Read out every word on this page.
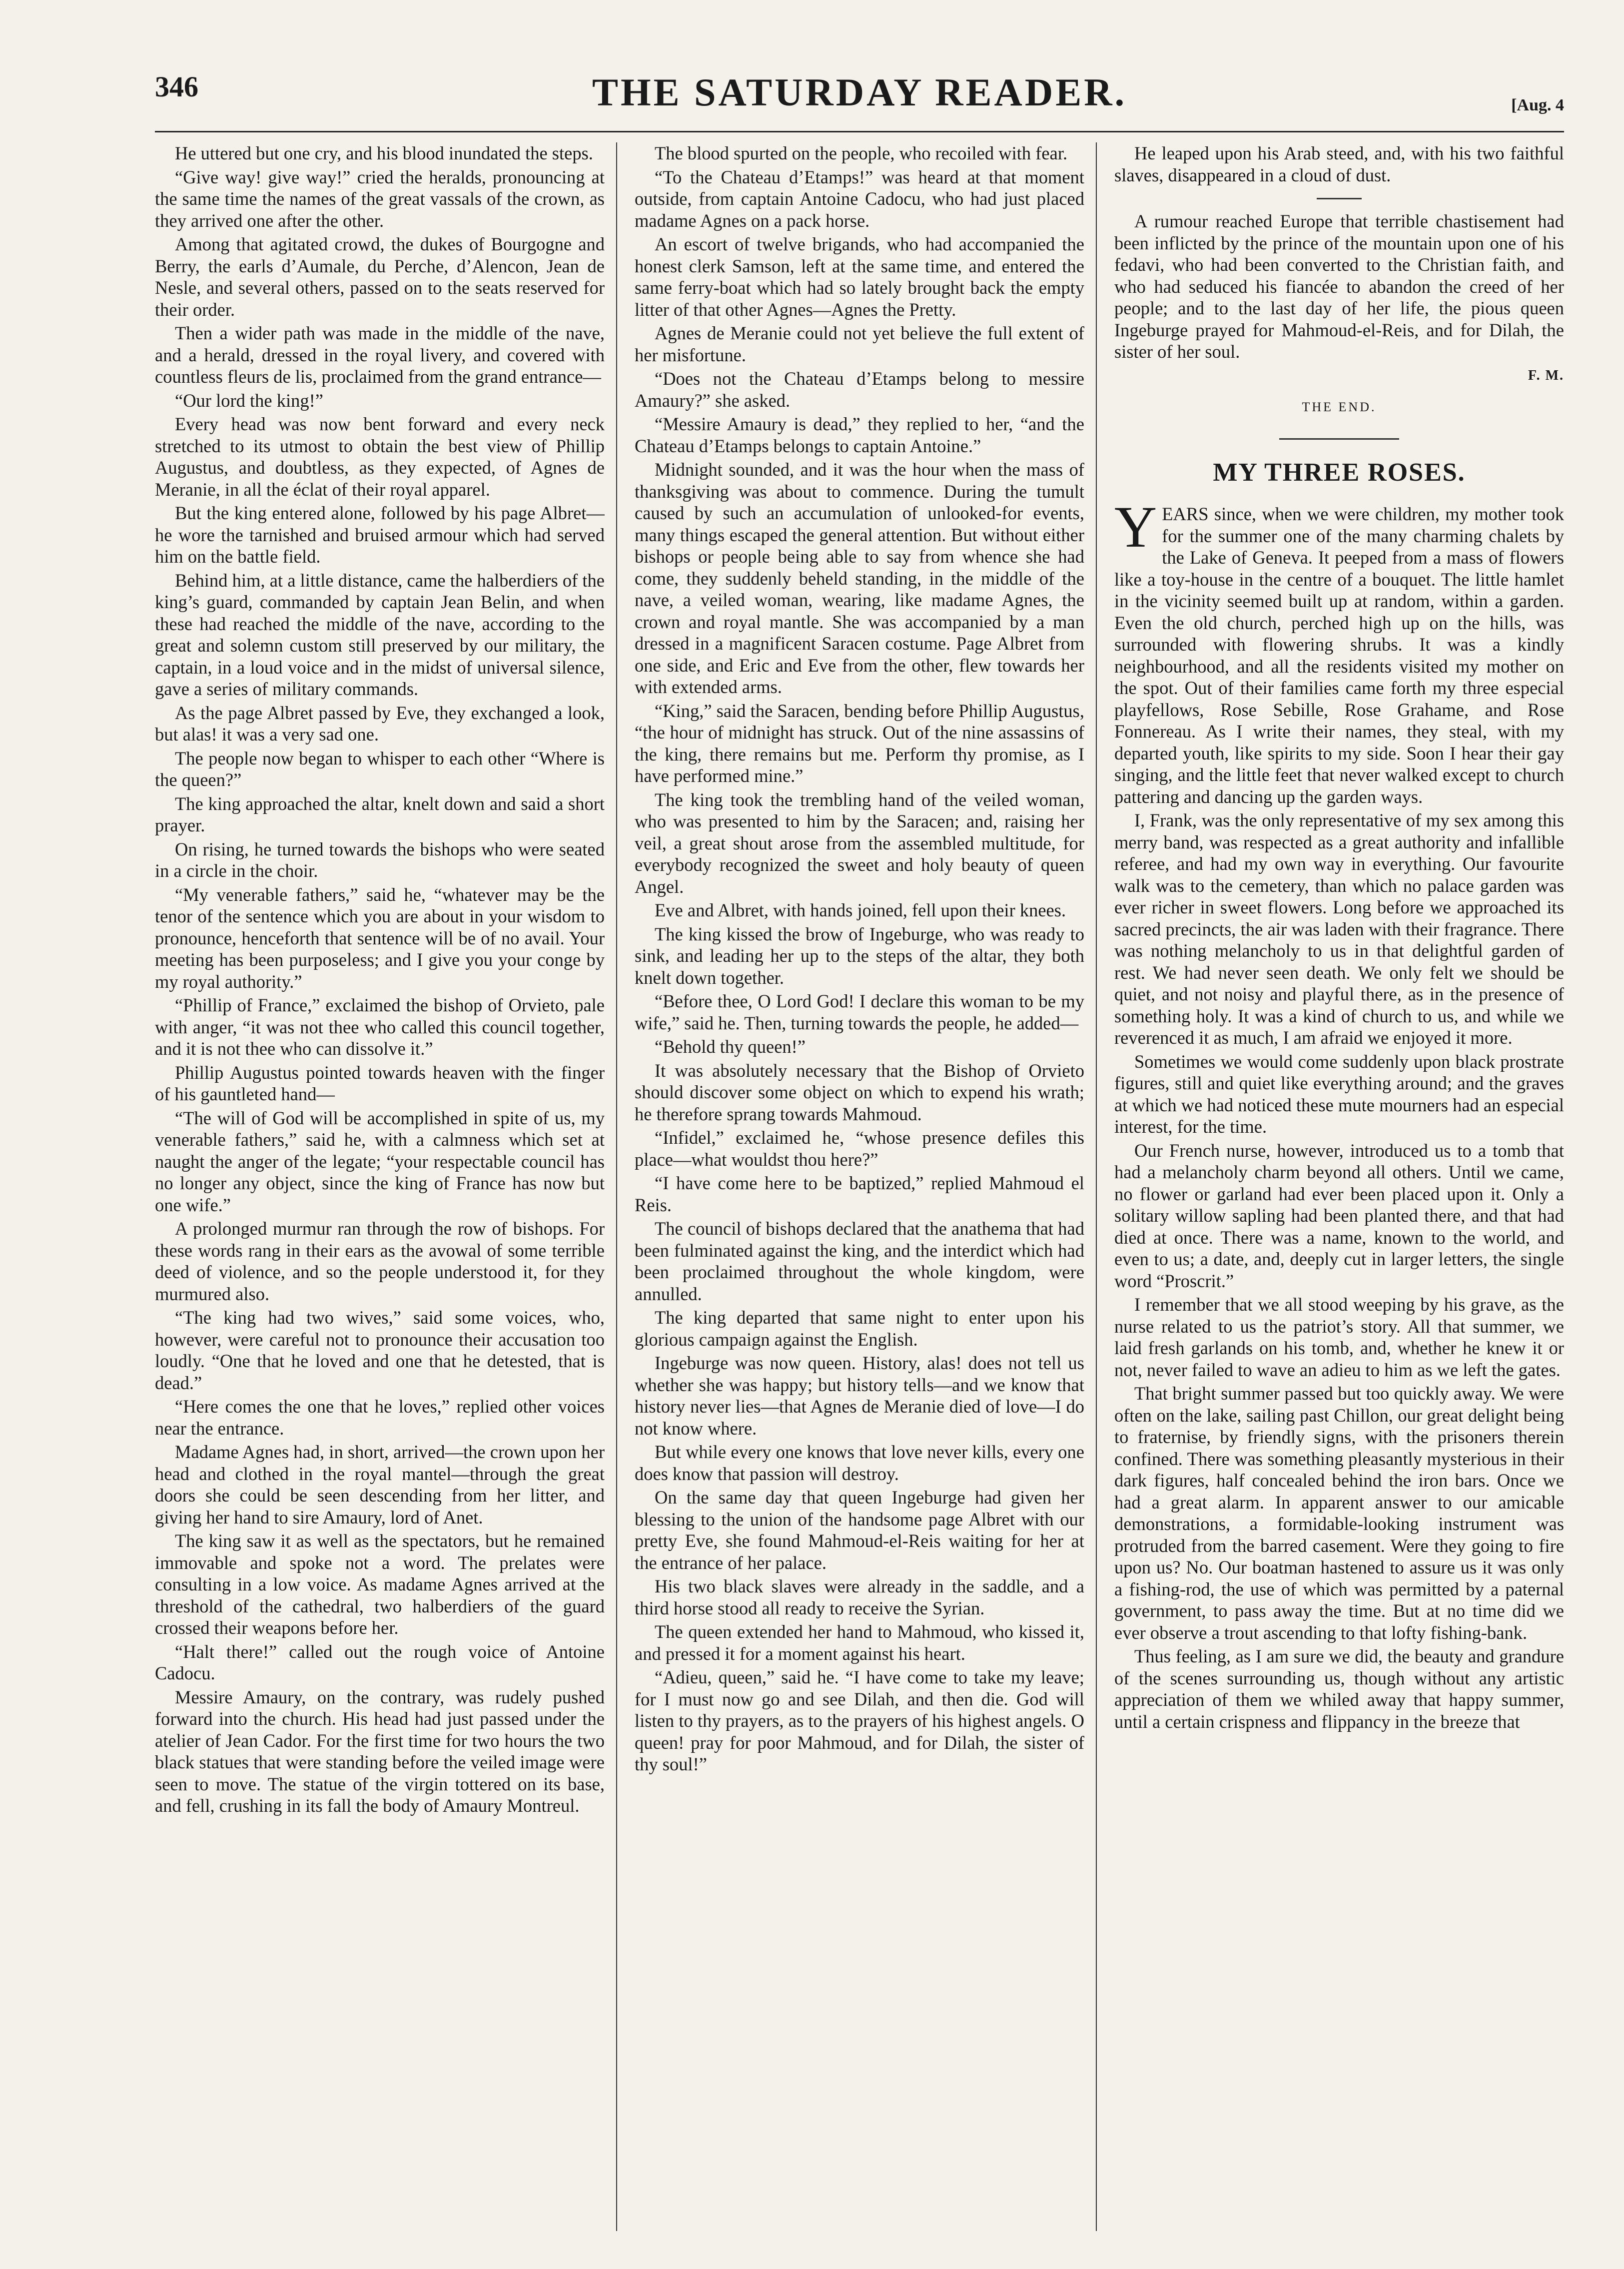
346	THE SATURDAY READER.	[Aug. 4

He uttered but one cry, and his blood inundated the steps.

“Give way! give way!” cried the heralds, pronouncing at the same time the names of the great vassals of the crown, as they arrived one after the other.

Among that agitated crowd, the dukes of Bourgogne and Berry, the earls d’Aumale, du Perche, d’Alencon, Jean de Nesle, and several others, passed on to the seats reserved for their order.

Then a wider path was made in the middle of the nave, and a herald, dressed in the royal livery, and covered with countless fleurs de lis, proclaimed from the grand entrance—

“Our lord the king!”

Every head was now bent forward and every neck stretched to its utmost to obtain the best view of Phillip Augustus, and doubtless, as they expected, of Agnes de Meranie, in all the éclat of their royal apparel.

But the king entered alone, followed by his page Albret—he wore the tarnished and bruised armour which had served him on the battle field.

Behind him, at a little distance, came the halberdiers of the king’s guard, commanded by captain Jean Belin, and when these had reached the middle of the nave, according to the great and solemn custom still preserved by our military, the captain, in a loud voice and in the midst of universal silence, gave a series of military commands.

As the page Albret passed by Eve, they exchanged a look, but alas! it was a very sad one.

The people now began to whisper to each other “Where is the queen?”

The king approached the altar, knelt down and said a short prayer.

On rising, he turned towards the bishops who were seated in a circle in the choir.

“My venerable fathers,” said he, “whatever may be the tenor of the sentence which you are about in your wisdom to pronounce, henceforth that sentence will be of no avail. Your meeting has been purposeless; and I give you your conge by my royal authority.”

“Phillip of France,” exclaimed the bishop of Orvieto, pale with anger, “it was not thee who called this council together, and it is not thee who can dissolve it.”

Phillip Augustus pointed towards heaven with the finger of his gauntleted hand—

“The will of God will be accomplished in spite of us, my venerable fathers,” said he, with a calmness which set at naught the anger of the legate; “your respectable council has no longer any object, since the king of France has now but one wife.”

A prolonged murmur ran through the row of bishops. For these words rang in their ears as the avowal of some terrible deed of violence, and so the people understood it, for they murmured also.

“The king had two wives,” said some voices, who, however, were careful not to pronounce their accusation too loudly. “One that he loved and one that he detested, that is dead.”

“Here comes the one that he loves,” replied other voices near the entrance.

Madame Agnes had, in short, arrived—the crown upon her head and clothed in the royal mantel—through the great doors she could be seen descending from her litter, and giving her hand to sire Amaury, lord of Anet.

The king saw it as well as the spectators, but he remained immovable and spoke not a word. The prelates were consulting in a low voice. As madame Agnes arrived at the threshold of the cathedral, two halberdiers of the guard crossed their weapons before her.

“Halt there!” called out the rough voice of Antoine Cadocu.

Messire Amaury, on the contrary, was rudely pushed forward into the church. His head had just passed under the atelier of Jean Cador. For the first time for two hours the two black statues that were standing before the veiled image were seen to move. The statue of the virgin tottered on its base, and fell, crushing in its fall the body of Amaury Montreul.

The blood spurted on the people, who recoiled with fear.

“To the Chateau d’Etamps!” was heard at that moment outside, from captain Antoine Cadocu, who had just placed madame Agnes on a pack horse.

An escort of twelve brigands, who had accompanied the honest clerk Samson, left at the same time, and entered the same ferry-boat which had so lately brought back the empty litter of that other Agnes—Agnes the Pretty.

Agnes de Meranie could not yet believe the full extent of her misfortune.

“Does not the Chateau d’Etamps belong to messire Amaury?” she asked.

“Messire Amaury is dead,” they replied to her, “and the Chateau d’Etamps belongs to captain Antoine.”

Midnight sounded, and it was the hour when the mass of thanksgiving was about to commence. During the tumult caused by such an accumulation of unlooked-for events, many things escaped the general attention. But without either bishops or people being able to say from whence she had come, they suddenly beheld standing, in the middle of the nave, a veiled woman, wearing, like madame Agnes, the crown and royal mantle. She was accompanied by a man dressed in a magnificent Saracen costume. Page Albret from one side, and Eric and Eve from the other, flew towards her with extended arms.

“King,” said the Saracen, bending before Phillip Augustus, “the hour of midnight has struck. Out of the nine assassins of the king, there remains but me. Perform thy promise, as I have performed mine.”

The king took the trembling hand of the veiled woman, who was presented to him by the Saracen; and, raising her veil, a great shout arose from the assembled multitude, for everybody recognized the sweet and holy beauty of queen Angel.

Eve and Albret, with hands joined, fell upon their knees.

The king kissed the brow of Ingeburge, who was ready to sink, and leading her up to the steps of the altar, they both knelt down together.

“Before thee, O Lord God! I declare this woman to be my wife,” said he. Then, turning towards the people, he added—

“Behold thy queen!”

It was absolutely necessary that the Bishop of Orvieto should discover some object on which to expend his wrath; he therefore sprang towards Mahmoud.

“Infidel,” exclaimed he, “whose presence defiles this place—what wouldst thou here?”

“I have come here to be baptized,” replied Mahmoud el Reis.

The council of bishops declared that the anathema that had been fulminated against the king, and the interdict which had been proclaimed throughout the whole kingdom, were annulled.

The king departed that same night to enter upon his glorious campaign against the English.

Ingeburge was now queen. History, alas! does not tell us whether she was happy; but history tells—and we know that history never lies—that Agnes de Meranie died of love—I do not know where.

But while every one knows that love never kills, every one does know that passion will destroy.

On the same day that queen Ingeburge had given her blessing to the union of the handsome page Albret with our pretty Eve, she found Mahmoud-el-Reis waiting for her at the entrance of her palace.

His two black slaves were already in the saddle, and a third horse stood all ready to receive the Syrian.

The queen extended her hand to Mahmoud, who kissed it, and pressed it for a moment against his heart.

“Adieu, queen,” said he. “I have come to take my leave; for I must now go and see Dilah, and then die. God will listen to thy prayers, as to the prayers of his highest angels. O queen! pray for poor Mahmoud, and for Dilah, the sister of thy soul!”

He leaped upon his Arab steed, and, with his two faithful slaves, disappeared in a cloud of dust.

A rumour reached Europe that terrible chastisement had been inflicted by the prince of the mountain upon one of his fedavi, who had been converted to the Christian faith, and who had seduced his fiancée to abandon the creed of her people; and to the last day of her life, the pious queen Ingeburge prayed for Mahmoud-el-Reis, and for Dilah, the sister of her soul.

F. M.
THE END.
MY THREE ROSES.

YEARS since, when we were children, my mother took for the summer one of the many charming chalets by the Lake of Geneva. It peeped from a mass of flowers like a toy-house in the centre of a bouquet. The little hamlet in the vicinity seemed built up at random, within a garden. Even the old church, perched high up on the hills, was surrounded with flowering shrubs. It was a kindly neighbourhood, and all the residents visited my mother on the spot. Out of their families came forth my three especial playfellows, Rose Sebille, Rose Grahame, and Rose Fonnereau. As I write their names, they steal, with my departed youth, like spirits to my side. Soon I hear their gay singing, and the little feet that never walked except to church pattering and dancing up the garden ways.

I, Frank, was the only representative of my sex among this merry band, was respected as a great authority and infallible referee, and had my own way in everything. Our favourite walk was to the cemetery, than which no palace garden was ever richer in sweet flowers. Long before we approached its sacred precincts, the air was laden with their fragrance. There was nothing melancholy to us in that delightful garden of rest. We had never seen death. We only felt we should be quiet, and not noisy and playful there, as in the presence of something holy. It was a kind of church to us, and while we reverenced it as much, I am afraid we enjoyed it more.

Sometimes we would come suddenly upon black prostrate figures, still and quiet like everything around; and the graves at which we had noticed these mute mourners had an especial interest, for the time.

Our French nurse, however, introduced us to a tomb that had a melancholy charm beyond all others. Until we came, no flower or garland had ever been placed upon it. Only a solitary willow sapling had been planted there, and that had died at once. There was a name, known to the world, and even to us; a date, and, deeply cut in larger letters, the single word “Proscrit.”

I remember that we all stood weeping by his grave, as the nurse related to us the patriot’s story. All that summer, we laid fresh garlands on his tomb, and, whether he knew it or not, never failed to wave an adieu to him as we left the gates.

That bright summer passed but too quickly away. We were often on the lake, sailing past Chillon, our great delight being to fraternise, by friendly signs, with the prisoners therein confined. There was something pleasantly mysterious in their dark figures, half concealed behind the iron bars. Once we had a great alarm. In apparent answer to our amicable demonstrations, a formidable-looking instrument was protruded from the barred casement. Were they going to fire upon us? No. Our boatman hastened to assure us it was only a fishing-rod, the use of which was permitted by a paternal government, to pass away the time. But at no time did we ever observe a trout ascending to that lofty fishing-bank.

Thus feeling, as I am sure we did, the beauty and grandure of the scenes surrounding us, though without any artistic appreciation of them we whiled away that happy summer, until a certain crispness and flippancy in the breeze that
